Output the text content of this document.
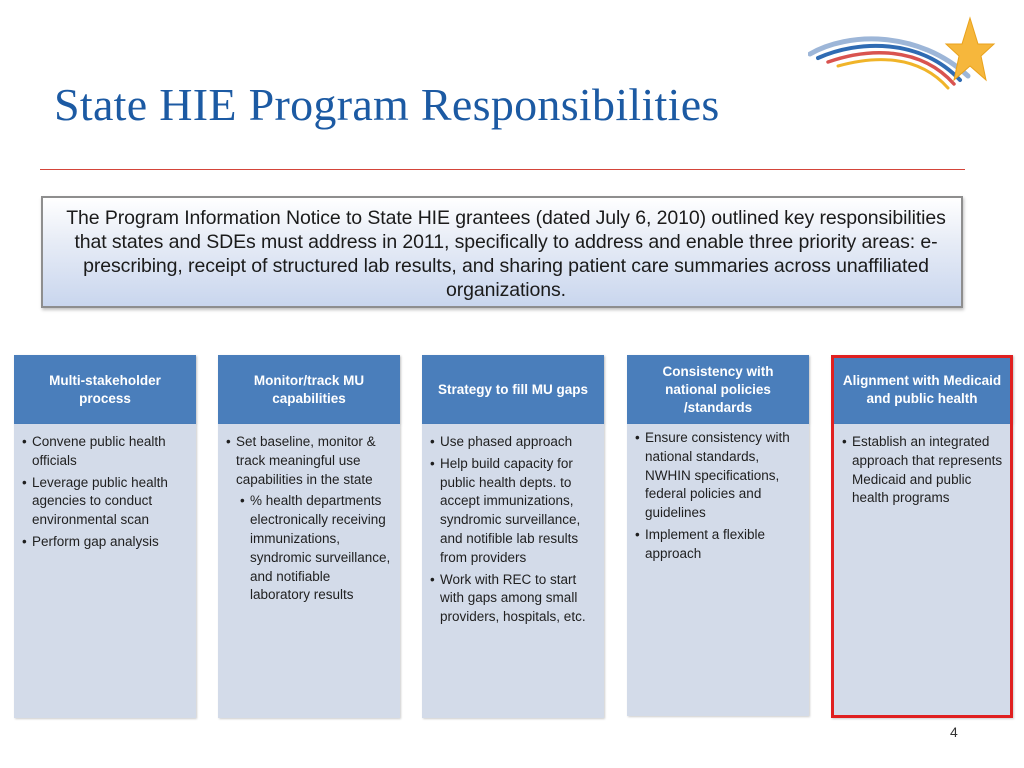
State HIE Program Responsibilities

The Program Information Notice to State HIE grantees (dated July 6, 2010) outlined key responsibilities that states and SDEs must address in 2011, specifically to address and enable three priority areas: e-prescribing, receipt of structured lab results, and sharing patient care summaries across unaffiliated organizations.

Multi-stakeholder process
• Convene public health officials
• Leverage public health agencies to conduct environmental scan
• Perform gap analysis
Monitor/track MU capabilities
• Set baseline, monitor & track meaningful use capabilities in the state
• % health departments electronically receiving immunizations, syndromic surveillance, and notifiable laboratory results
Strategy to fill MU gaps
• Use phased approach
• Help build capacity for public health depts. to accept immunizations, syndromic surveillance, and notifible lab results from providers
• Work with REC to start with gaps among small providers, hospitals, etc.
Consistency with national policies /standards
• Ensure consistency with national standards, NWHIN specifications, federal policies and guidelines
• Implement a flexible approach
Alignment with Medicaid and public health
• Establish an integrated approach that represents Medicaid and public health programs
4
